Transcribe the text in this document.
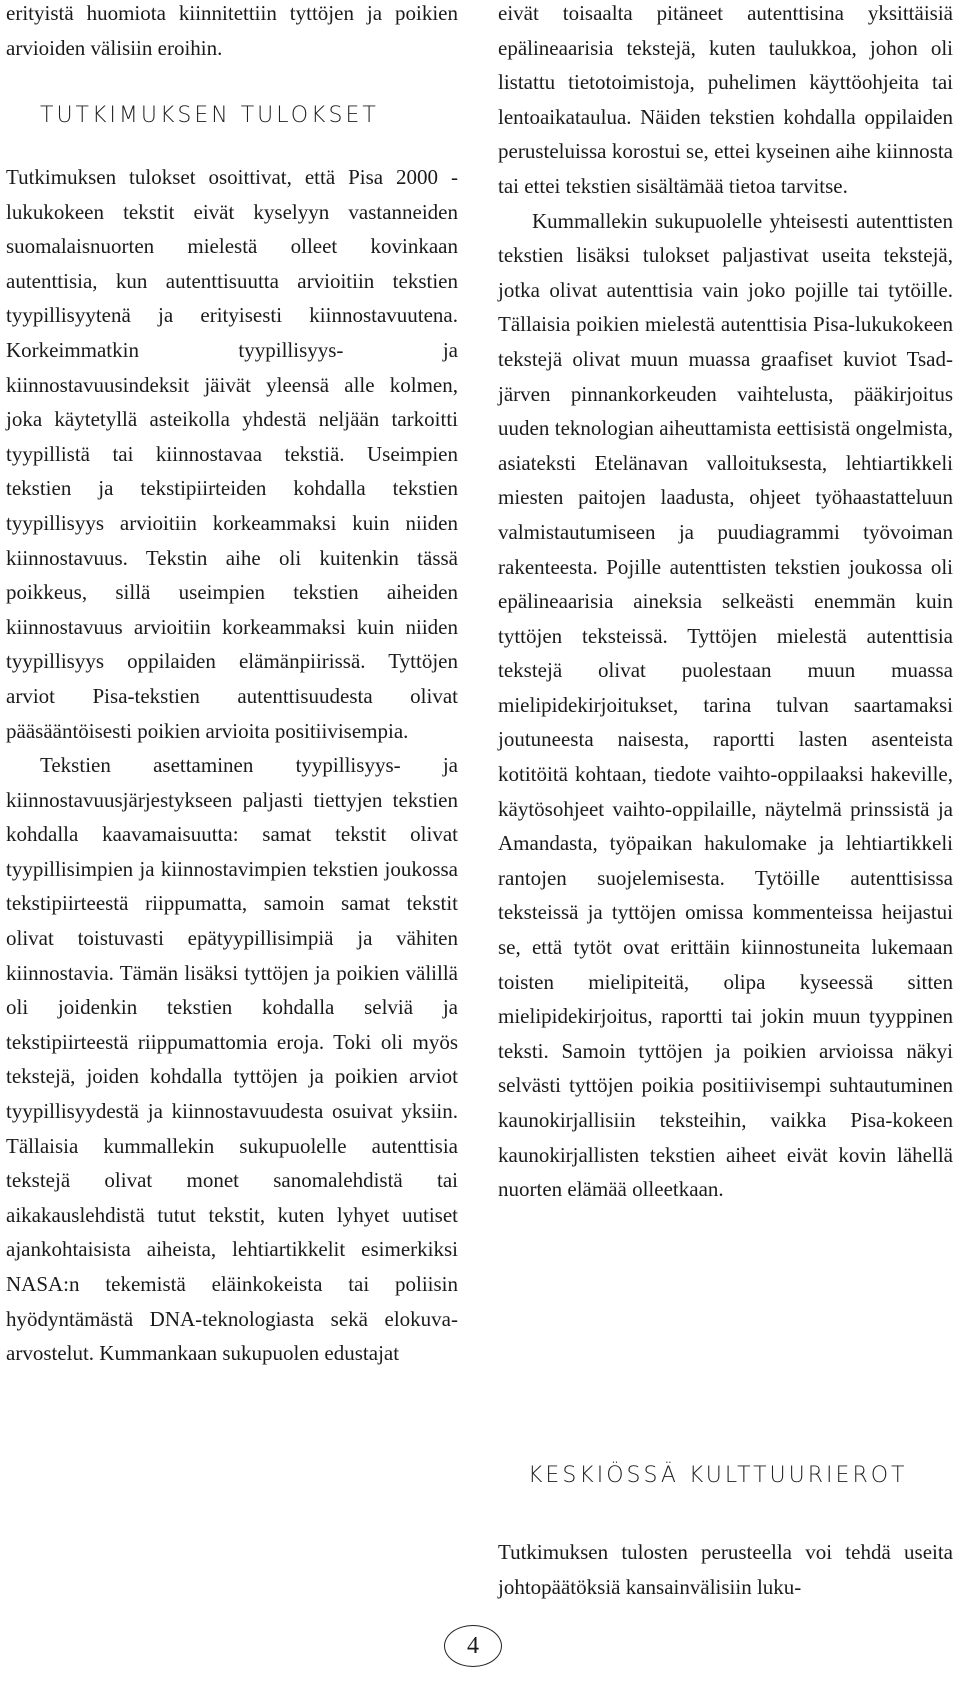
erityistä huomiota kiinnitettiin tyttöjen ja poikien arvioiden välisiin eroihin.

TUTKIMUKSEN TULOKSET

Tutkimuksen tulokset osoittivat, että Pisa 2000 -lukukokeen tekstit eivät kyselyyn vastanneiden suomalaisnuorten mielestä olleet kovinkaan autenttisia, kun autenttisuutta arvioitiin tekstien tyypillisyytenä ja erityisesti kiinnostavuutena. Korkeimmatkin tyypillisyys- ja kiinnostavuusindeksit jäivät yleensä alle kolmen, joka käytetyllä asteikolla yhdestä neljään tarkoitti tyypillistä tai kiinnostavaa tekstiä. Useimpien tekstien ja tekstipiirteiden kohdalla tekstien tyypillisyys arvioitiin korkeammaksi kuin niiden kiinnostavuus. Tekstin aihe oli kuitenkin tässä poikkeus, sillä useimpien tekstien aiheiden kiinnostavuus arvioitiin korkeammaksi kuin niiden tyypillisyys oppilaiden elämänpiirissä. Tyttöjen arviot Pisa-tekstien autenttisuudesta olivat pääsääntöisesti poikien arvioita positiivisempia.

Tekstien asettaminen tyypillisyys- ja kiinnostavuusjärjestykseen paljasti tiettyjen tekstien kohdalla kaavamaisuutta: samat tekstit olivat tyypillisimpien ja kiinnostavimpien tekstien joukossa tekstipiirteestä riippumatta, samoin samat tekstit olivat toistuvasti epätyypillisimpiä ja vähiten kiinnostavia. Tämän lisäksi tyttöjen ja poikien välillä oli joidenkin tekstien kohdalla selviä ja tekstipiirteestä riippumattomia eroja. Toki oli myös tekstejä, joiden kohdalla tyttöjen ja poikien arviot tyypillisyydestä ja kiinnostavuudesta osuivat yksiin. Tällaisia kummallekin sukupuolelle autenttisia tekstejä olivat monet sanomalehdistä tai aikakauslehdistä tutut tekstit, kuten lyhyet uutiset ajankohtaisista aiheista, lehtiartikkelit esimerkiksi NASA:n tekemistä eläinkokeista tai poliisin hyödyntämästä DNA-teknologiasta sekä elokuva-arvostelut. Kummankaan sukupuolen edustajat

eivät toisaalta pitäneet autenttisina yksittäisiä epälineaarisia tekstejä, kuten taulukkoa, johon oli listattu tietotoimistoja, puhelimen käyttöohjeita tai lentoaikataulua. Näiden tekstien kohdalla oppilaiden perusteluissa korostui se, ettei kyseinen aihe kiinnosta tai ettei tekstien sisältämää tietoa tarvitse.

Kummallekin sukupuolelle yhteisesti autenttisten tekstien lisäksi tulokset paljastivat useita tekstejä, jotka olivat autenttisia vain joko pojille tai tytöille. Tällaisia poikien mielestä autenttisia Pisa-lukukokeen tekstejä olivat muun muassa graafiset kuviot Tsad-järven pinnankorkeuden vaihtelusta, pääkirjoitus uuden teknologian aiheuttamista eettisistä ongelmista, asiateksti Etelänavan valloituksesta, lehtiartikkeli miesten paitojen laadusta, ohjeet työhaastatteluun valmistautumiseen ja puudiagrammi työvoiman rakenteesta. Pojille autenttisten tekstien joukossa oli epälineaarisia aineksia selkeästi enemmän kuin tyttöjen teksteissä. Tyttöjen mielestä autenttisia tekstejä olivat puolestaan muun muassa mielipidekirjoitukset, tarina tulvan saartamaksi joutuneesta naisesta, raportti lasten asenteista kotitöitä kohtaan, tiedote vaihto-oppilaaksi hakeville, käytösohjeet vaihto-oppilaille, näytelmä prinssistä ja Amandasta, työpaikan hakulomake ja lehtiartikkeli rantojen suojelemisesta. Tytöille autenttisissa teksteissä ja tyttöjen omissa kommenteissa heijastui se, että tytöt ovat erittäin kiinnostuneita lukemaan toisten mielipiteitä, olipa kyseessä sitten mielipidekirjoitus, raportti tai jokin muun tyyppinen teksti. Samoin tyttöjen ja poikien arvioissa näkyi selvästi tyttöjen poikia positiivisempi suhtautuminen kaunokirjallisiin teksteihin, vaikka Pisa-kokeen kaunokirjallisten tekstien aiheet eivät kovin lähellä nuorten elämää olleetkaan.

KESKIÖSSÄ KULTTUURIEROT

Tutkimuksen tulosten perusteella voi tehdä useita johtopäätöksiä kansainvälisiin luku-

4
